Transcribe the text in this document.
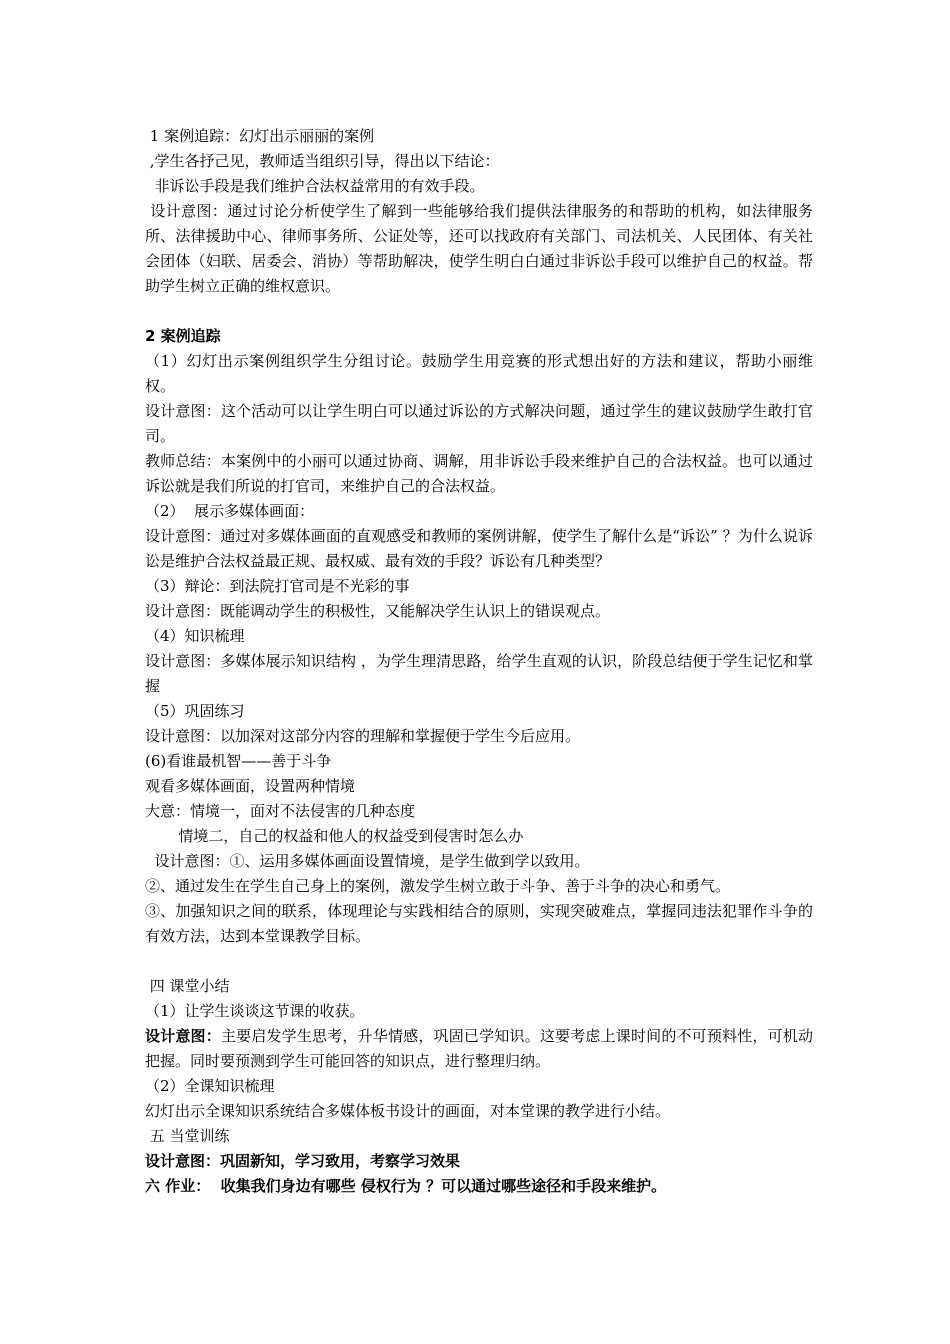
1 案例追踪：幻灯出示丽丽的案例

,学生各抒己见，教师适当组织引导，得出以下结论：

非诉讼手段是我们维护合法权益常用的有效手段。

设计意图：通过讨论分析使学生了解到一些能够给我们提供法律服务的和帮助的机构，如法律服务所、法律援助中心、律师事务所、公证处等，还可以找政府有关部门、司法机关、人民团体、有关社会团体（妇联、居委会、消协）等帮助解决，使学生明白白通过非诉讼手段可以维护自己的权益。帮助学生树立正确的维权意识。

2 案例追踪

（1）幻灯出示案例组织学生分组讨论。鼓励学生用竞赛的形式想出好的方法和建议，帮助小丽维权。

设计意图：这个活动可以让学生明白可以通过诉讼的方式解决问题，通过学生的建议鼓励学生敢打官司。

教师总结：本案例中的小丽可以通过协商、调解，用非诉讼手段来维护自己的合法权益。也可以通过诉讼就是我们所说的打官司，来维护自己的合法权益。

（2）  展示多媒体画面：

设计意图：通过对多媒体画面的直观感受和教师的案例讲解，使学生了解什么是“诉讼” ？为什么说诉讼是维护合法权益最正规、最权威、最有效的手段？诉讼有几种类型？

（3）辩论：到法院打官司是不光彩的事

设计意图：既能调动学生的积极性，又能解决学生认识上的错误观点。

（4）知识梳理

设计意图：多媒体展示知识结构 ，为学生理清思路，给学生直观的认识，阶段总结便于学生记忆和掌握

（5）巩固练习

设计意图：以加深对这部分内容的理解和掌握便于学生今后应用。

(6)看谁最机智——善于斗争

观看多媒体画面，设置两种情境

大意：情境一，面对不法侵害的几种态度

情境二，自己的权益和他人的权益受到侵害时怎么办

设计意图：①、运用多媒体画面设置情境，是学生做到学以致用。

②、通过发生在学生自己身上的案例，激发学生树立敢于斗争、善于斗争的决心和勇气。

③、加强知识之间的联系，体现理论与实践相结合的原则，实现突破难点，掌握同违法犯罪作斗争的有效方法，达到本堂课教学目标。

四 课堂小结

（1）让学生谈谈这节课的收获。

设计意图：主要启发学生思考，升华情感，巩固已学知识。这要考虑上课时间的不可预料性，可机动把握。同时要预测到学生可能回答的知识点，进行整理归纳。

（2）全课知识梳理

幻灯出示全课知识系统结合多媒体板书设计的画面，对本堂课的教学进行小结。

五 当堂训练

设计意图：巩固新知，学习致用，考察学习效果

六 作业：  收集我们身边有哪些 侵权行为 ？可以通过哪些途径和手段来维护。
